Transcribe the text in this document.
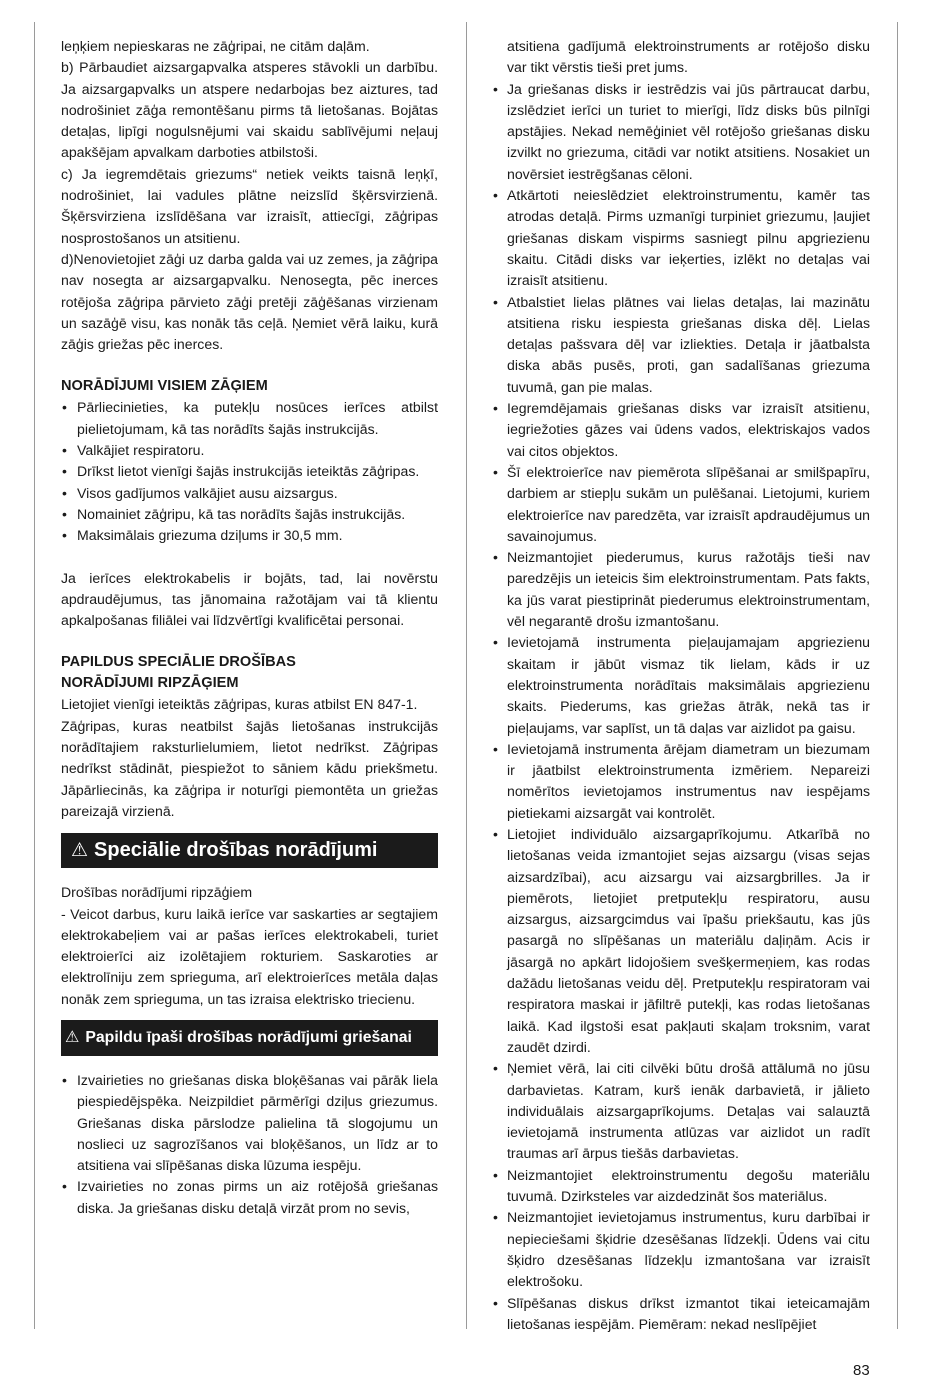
leņķiem nepieskaras ne zāģripai, ne citām daļām.

b) Pārbaudiet aizsargapvalka atsperes stāvokli un darbību. Ja aizsargapvalks un atspere nedarbojas bez aiztures, tad nodrošiniet zāģa remontēšanu pirms tā lietošanas. Bojātas detaļas, lipīgi nogulsnējumi vai skaidu sablīvējumi neļauj apakšējam apvalkam darboties atbilstoši.

c) Ja iegremdētais griezums“ netiek veikts taisnā leņķī, nodrošiniet, lai vadules plātne neizslīd šķērsvirzienā. Šķērsvirziena izslīdēšana var izraisīt, attiecīgi, zāģripas nosprostošanos un atsitienu.

d)Nenovietojiet zāģi uz darba galda vai uz zemes, ja zāģripa nav nosegta ar aizsargapvalku. Nenosegta, pēc inerces rotējoša zāģripa pārvieto zāģi pretēji zāģēšanas virzienam un sazāģē visu, kas nonāk tās ceļā. Ņemiet vērā laiku, kurā zāģis griežas pēc inerces.

NORĀDĪJUMI VISIEM ZĀĢIEM

• Pārliecinieties, ka putekļu nosūces ierīces atbilst pielietojumam, kā tas norādīts šajās instrukcijās.
• Valkājiet respiratoru.
• Drīkst lietot vienīgi šajās instrukcijās ieteiktās zāģripas.
• Visos gadījumos valkājiet ausu aizsargus.
• Nomainiet zāģripu, kā tas norādīts šajās instrukcijās.
• Maksimālais griezuma dziļums ir 30,5 mm.

Ja ierīces elektrokabelis ir bojāts, tad, lai novērstu apdraudējumus, tas jānomaina ražotājam vai tā klientu apkalpošanas filiālei vai līdzvērtīgi kvalificētai personai.

PAPILDUS SPECIĀLIE DROŠĪBAS

NORĀDĪJUMI RIPZĀĢIEM

Lietojiet vienīgi ieteiktās zāģripas, kuras atbilst EN 847-1.

Zāģripas, kuras neatbilst šajās lietošanas instrukcijās norādītajiem raksturlielumiem, lietot nedrīkst. Zāģripas nedrīkst stādināt, piespiežot to sāniem kādu priekšmetu. Jāpārliecinās, ka zāģripa ir noturīgi piemontēta un griežas pareizajā virzienā.

⚠ Speciālie drošības norādījumi

Drošības norādījumi ripzāģiem

- Veicot darbus, kuru laikā ierīce var saskarties ar segtajiem elektrokabeļiem vai ar pašas ierīces elektrokabeli, turiet elektroierīci aiz izolētajiem rokturiem. Saskaroties ar elektrolīniju zem sprieguma, arī elektroierīces metāla daļas nonāk zem sprieguma, un tas izraisa elektrisko triecienu.

⚠ Papildu īpaši drošības norādījumi griešanai
• Izvairieties no griešanas diska bloķēšanas vai pārāk liela piespiedējspēka. Neizpildiet pārmērīgi dziļus griezumus. Griešanas diska pārslodze palielina tā slogojumu un noslieci uz sagrozīšanos vai bloķēšanos, un līdz ar to atsitiena vai slīpēšanas diska lūzuma iespēju.
• Izvairieties no zonas pirms un aiz rotējošā griešanas diska. Ja griešanas disku detaļā virzāt prom no sevis,

atsitiena gadījumā elektroinstruments ar rotējošo disku var tikt vērstis tieši pret jums.

• Ja griešanas disks ir iestrēdzis vai jūs pārtraucat darbu, izslēdziet ierīci un turiet to mierīgi, līdz disks būs pilnīgi apstājies. Nekad nemēģiniet vēl rotējošo griešanas disku izvilkt no griezuma, citādi var notikt atsitiens. Nosakiet un novērsiet iestrēgšanas cēloni.
• Atkārtoti neieslēdziet elektroinstrumentu, kamēr tas atrodas detaļā. Pirms uzmanīgi turpiniet griezumu, ļaujiet griešanas diskam vispirms sasniegt pilnu apgriezienu skaitu. Citādi disks var ieķerties, izlēkt no detaļas vai izraisīt atsitienu.
• Atbalstiet lielas plātnes vai lielas detaļas, lai mazinātu atsitiena risku iespiesta griešanas diska dēļ. Lielas detaļas pašsvara dēļ var izliekties. Detaļa ir jāatbalsta diska abās pusēs, proti, gan sadalīšanas griezuma tuvumā, gan pie malas.
• Iegremdējamais griešanas disks var izraisīt atsitienu, iegriežoties gāzes vai ūdens vados, elektriskajos vados vai citos objektos.
• Šī elektroierīce nav piemērota slīpēšanai ar smilšpapīru, darbiem ar stiepļu sukām un pulēšanai. Lietojumi, kuriem elektroierīce nav paredzēta, var izraisīt apdraudējumus un savainojumus.
• Neizmantojiet piederumus, kurus ražotājs tieši nav paredzējis un ieteicis šim elektroinstrumentam. Pats fakts, ka jūs varat piestiprināt piederumus elektroinstrumentam, vēl negarantē drošu izmantošanu.
• Ievietojamā instrumenta pieļaujamajam apgriezienu skaitam ir jābūt vismaz tik lielam, kāds ir uz elektroinstrumenta norādītais maksimālais apgriezienu skaits. Piederums, kas griežas ātrāk, nekā tas ir pieļaujams, var saplīst, un tā daļas var aizlidot pa gaisu.
• Ievietojamā instrumenta ārējam diametram un biezumam ir jāatbilst elektroinstrumenta izmēriem. Nepareizi nomērītos ievietojamos instrumentus nav iespējams pietiekami aizsargāt vai kontrolēt.
• Lietojiet individuālo aizsargaprīkojumu. Atkarībā no lietošanas veida izmantojiet sejas aizsargu (visas sejas aizsardzībai), acu aizsargu vai aizsargbrilles. Ja ir piemērots, lietojiet pretputekļu respiratoru, ausu aizsargus, aizsargcimdus vai īpašu priekšautu, kas jūs pasargā no slīpēšanas un materiālu daļiņām. Acis ir jāsargā no apkārt lidojošiem svešķermeņiem, kas rodas dažādu lietošanas veidu dēļ. Pretputekļu respiratoram vai respiratora maskai ir jāfiltrē putekļi, kas rodas lietošanas laikā. Kad ilgstoši esat pakļauti skaļam troksnim, varat zaudēt dzirdi.
• Ņemiet vērā, lai citi cilvēki būtu drošā attālumā no jūsu darbavietas. Katram, kurš ienāk darbavietā, ir jālieto individuālais aizsargaprīkojums. Detaļas vai salauztā ievietojamā instrumenta atlūzas var aizlidot un radīt traumas arī ārpus tiešās darbavietas.
• Neizmantojiet elektroinstrumentu degošu materiālu tuvumā. Dzirksteles var aizdedzināt šos materiālus.
• Neizmantojiet ievietojamus instrumentus, kuru darbībai ir nepieciešami šķidrie dzesēšanas līdzekļi. Ūdens vai citu šķidro dzesēšanas līdzekļu izmantošana var izraisīt elektrošoku.
• Slīpēšanas diskus drīkst izmantot tikai ieteicamajām lietošanas iespējām. Piemēram: nekad neslīpējiet
83
